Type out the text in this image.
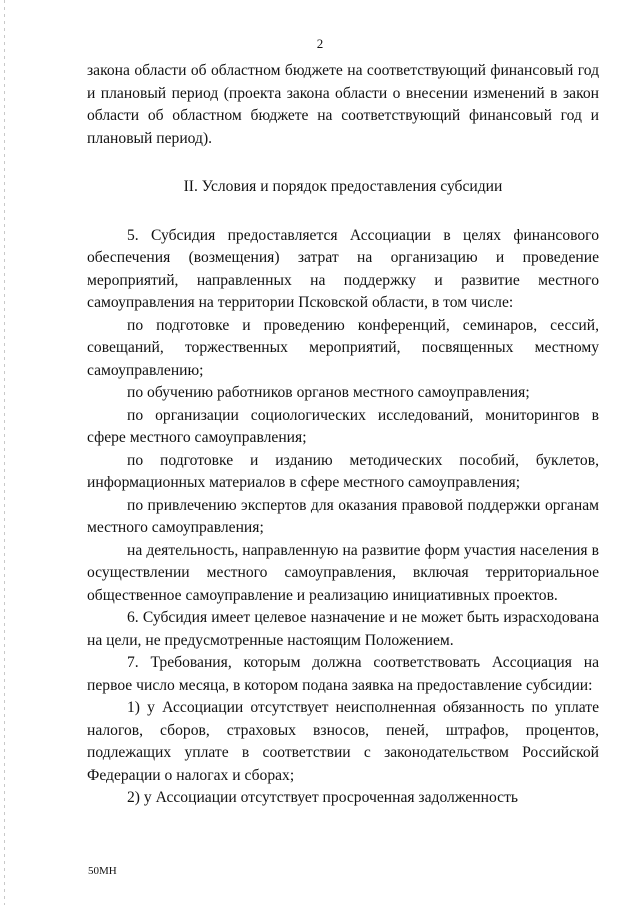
2

закона области об областном бюджете на соответствующий финансовый год и плановый период (проекта закона области о внесении изменений в закон области об областном бюджете на соответствующий финансовый год и плановый период).

II. Условия и порядок предоставления субсидии

5. Субсидия предоставляется Ассоциации в целях финансового обеспечения (возмещения) затрат на организацию и проведение мероприятий, направленных на поддержку и развитие местного самоуправления на территории Псковской области, в том числе:

по подготовке и проведению конференций, семинаров, сессий, совещаний, торжественных мероприятий, посвященных местному самоуправлению;

по обучению работников органов местного самоуправления;

по организации социологических исследований, мониторингов в сфере местного самоуправления;

по подготовке и изданию методических пособий, буклетов, информационных материалов в сфере местного самоуправления;

по привлечению экспертов для оказания правовой поддержки органам местного самоуправления;

на деятельность, направленную на развитие форм участия населения в осуществлении местного самоуправления, включая территориальное общественное самоуправление и реализацию инициативных проектов.

6. Субсидия имеет целевое назначение и не может быть израсходована на цели, не предусмотренные настоящим Положением.

7. Требования, которым должна соответствовать Ассоциация на первое число месяца, в котором подана заявка на предоставление субсидии:

1) у Ассоциации отсутствует неисполненная обязанность по уплате налогов, сборов, страховых взносов, пеней, штрафов, процентов, подлежащих уплате в соответствии с законодательством Российской Федерации о налогах и сборах;

2) у Ассоциации отсутствует просроченная задолженность

50МН
